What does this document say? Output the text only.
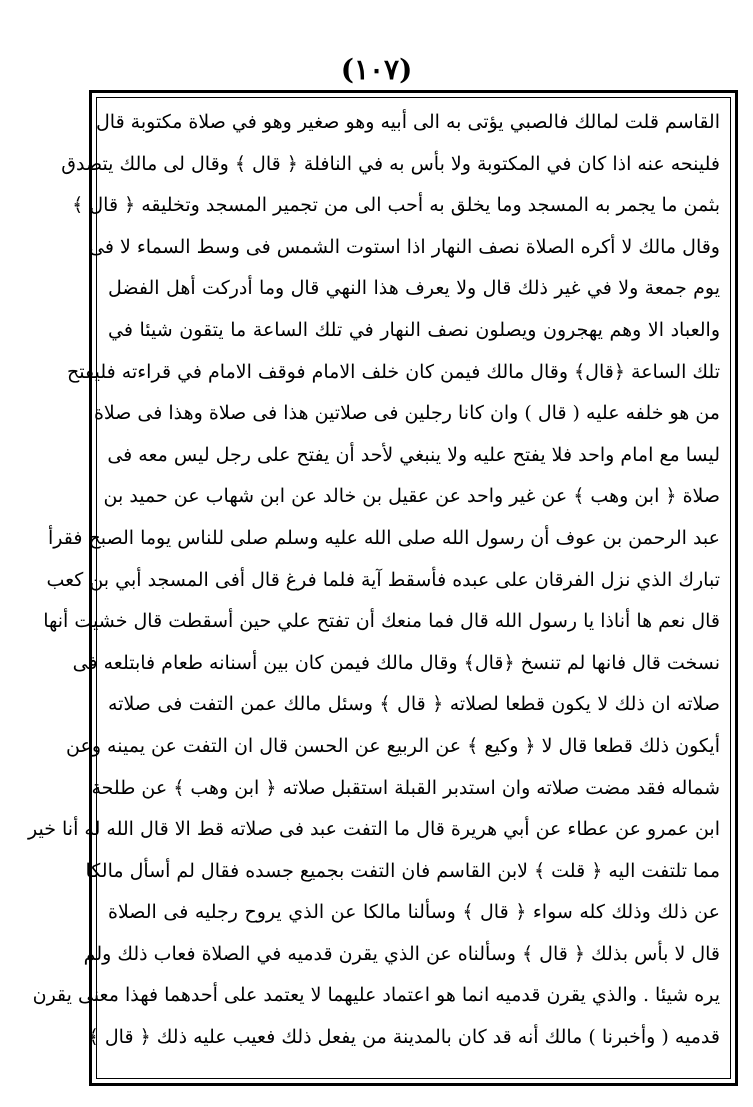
(١٠٧)
القاسم قلت لمالك فالصبي يؤتى به الى أبيه وهو صغير وهو في صلاة مكتوبة قال
فلينحه عنه اذا كان في المكتوبة ولا بأس به في النافلة ﴿ قال ﴾ وقال لى مالك يتصدق
بثمن ما يجمر به المسجد وما يخلق به أحب الى من تجمير المسجد وتخليقه ﴿ قال ﴾
وقال مالك لا أكره الصلاة نصف النهار اذا استوت الشمس فى وسط السماء لا فى
يوم جمعة ولا في غير ذلك قال ولا يعرف هذا النهي قال وما أدركت أهل الفضل
والعباد الا وهم يهجرون ويصلون نصف النهار في تلك الساعة ما يتقون شيئا في
تلك الساعة ﴿قال﴾ وقال مالك فيمن كان خلف الامام فوقف الامام في قراءته فليفتح
من هو خلفه عليه ( قال ) وان كانا رجلين فى صلاتين هذا فى صلاة وهذا فى صلاة
ليسا مع امام واحد فلا يفتح عليه ولا ينبغي لأحد أن يفتح على رجل ليس معه فى
صلاة ﴿ ابن وهب ﴾ عن غير واحد عن عقيل بن خالد عن ابن شهاب عن حميد بن
عبد الرحمن بن عوف أن رسول الله صلى الله عليه وسلم صلى للناس يوما الصبح فقرأ
تبارك الذي نزل الفرقان على عبده فأسقط آية فلما فرغ قال أفى المسجد أبي بن كعب
قال نعم ها أناذا يا رسول الله قال فما منعك أن تفتح علي حين أسقطت قال خشيت أنها
نسخت قال فانها لم تنسخ ﴿قال﴾ وقال مالك فيمن كان بين أسنانه طعام فابتلعه فى
صلاته ان ذلك لا يكون قطعا لصلاته ﴿ قال ﴾ وسئل مالك عمن التفت فى صلاته
أيكون ذلك قطعا قال لا ﴿ وكيع ﴾ عن الربيع عن الحسن قال ان التفت عن يمينه وعن
شماله فقد مضت صلاته وان استدبر القبلة استقبل صلاته ﴿ ابن وهب ﴾ عن طلحة
ابن عمرو عن عطاء عن أبي هريرة قال ما التفت عبد فى صلاته قط الا قال الله له أنا خير
مما تلتفت اليه ﴿ قلت ﴾ لابن القاسم فان التفت بجميع جسده فقال لم أسأل مالكا
عن ذلك وذلك كله سواء ﴿ قال ﴾ وسألنا مالكا عن الذي يروح رجليه فى الصلاة
قال لا بأس بذلك ﴿ قال ﴾ وسألناه عن الذي يقرن قدميه في الصلاة فعاب ذلك ولم
يره شيئا . والذي يقرن قدميه انما هو اعتماد عليهما لا يعتمد على أحدهما فهذا معنى يقرن
قدميه ( وأخبرنا ) مالك أنه قد كان بالمدينة من يفعل ذلك فعيب عليه ذلك ﴿ قال ﴾
